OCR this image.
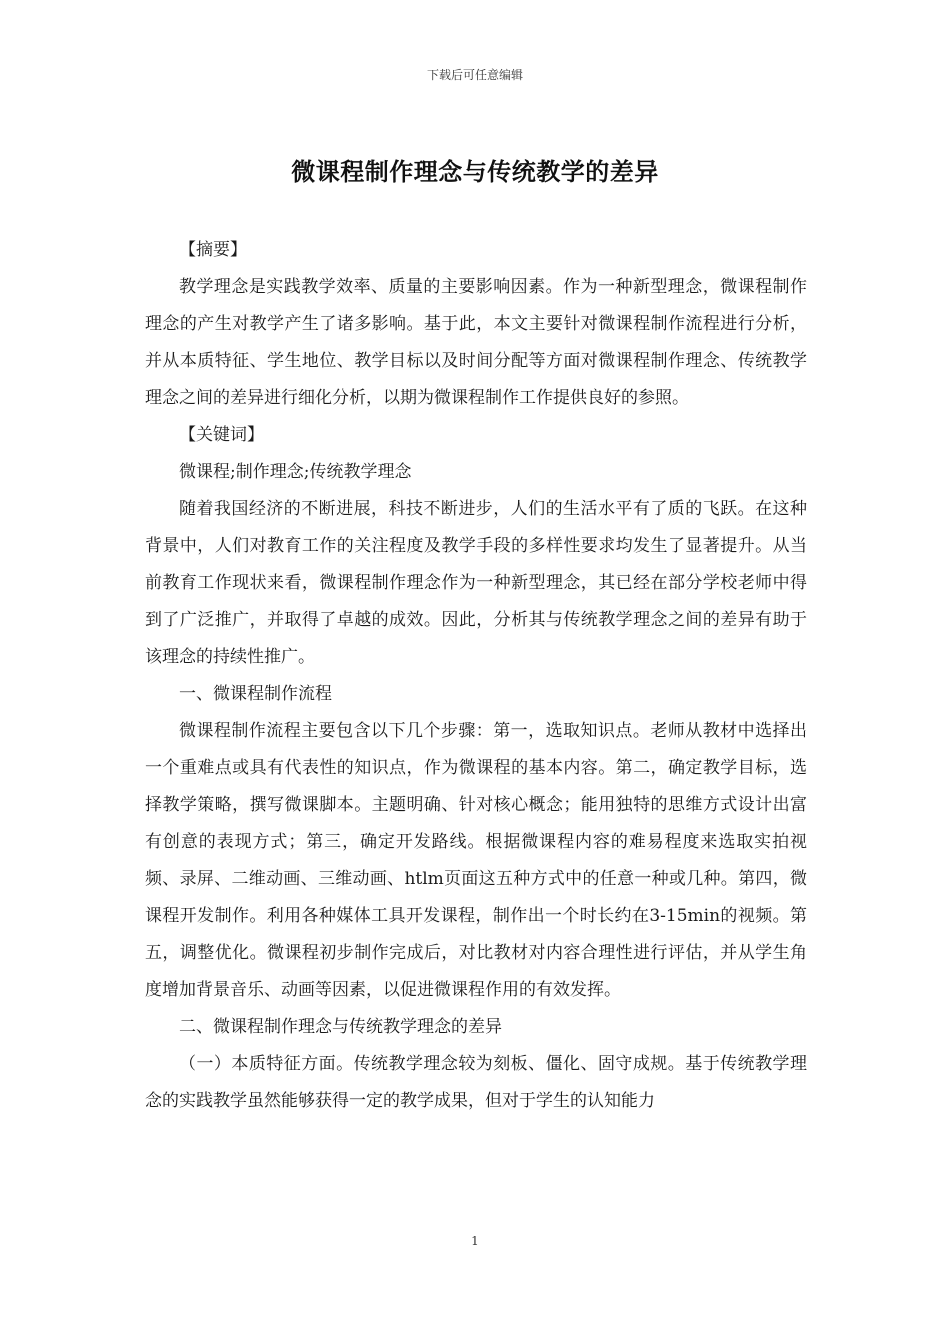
下载后可任意编辑
微课程制作理念与传统教学的差异

【摘要】

教学理念是实践教学效率、质量的主要影响因素。作为一种新型理念，微课程制作理念的产生对教学产生了诸多影响。基于此，本文主要针对微课程制作流程进行分析，并从本质特征、学生地位、教学目标以及时间分配等方面对微课程制作理念、传统教学理念之间的差异进行细化分析，以期为微课程制作工作提供良好的参照。

【关键词】

微课程;制作理念;传统教学理念

随着我国经济的不断进展，科技不断进步，人们的生活水平有了质的飞跃。在这种背景中，人们对教育工作的关注程度及教学手段的多样性要求均发生了显著提升。从当前教育工作现状来看，微课程制作理念作为一种新型理念，其已经在部分学校老师中得到了广泛推广，并取得了卓越的成效。因此，分析其与传统教学理念之间的差异有助于该理念的持续性推广。

一、微课程制作流程

微课程制作流程主要包含以下几个步骤：第一，选取知识点。老师从教材中选择出一个重难点或具有代表性的知识点，作为微课程的基本内容。第二，确定教学目标，选择教学策略，撰写微课脚本。主题明确、针对核心概念；能用独特的思维方式设计出富有创意的表现方式；第三，确定开发路线。根据微课程内容的难易程度来选取实拍视频、录屏、二维动画、三维动画、htlm页面这五种方式中的任意一种或几种。第四，微课程开发制作。利用各种媒体工具开发课程，制作出一个时长约在3-15min的视频。第五，调整优化。微课程初步制作完成后，对比教材对内容合理性进行评估，并从学生角度增加背景音乐、动画等因素，以促进微课程作用的有效发挥。

二、微课程制作理念与传统教学理念的差异

（一）本质特征方面。传统教学理念较为刻板、僵化、固守成规。基于传统教学理念的实践教学虽然能够获得一定的教学成果，但对于学生的认知能力

1
